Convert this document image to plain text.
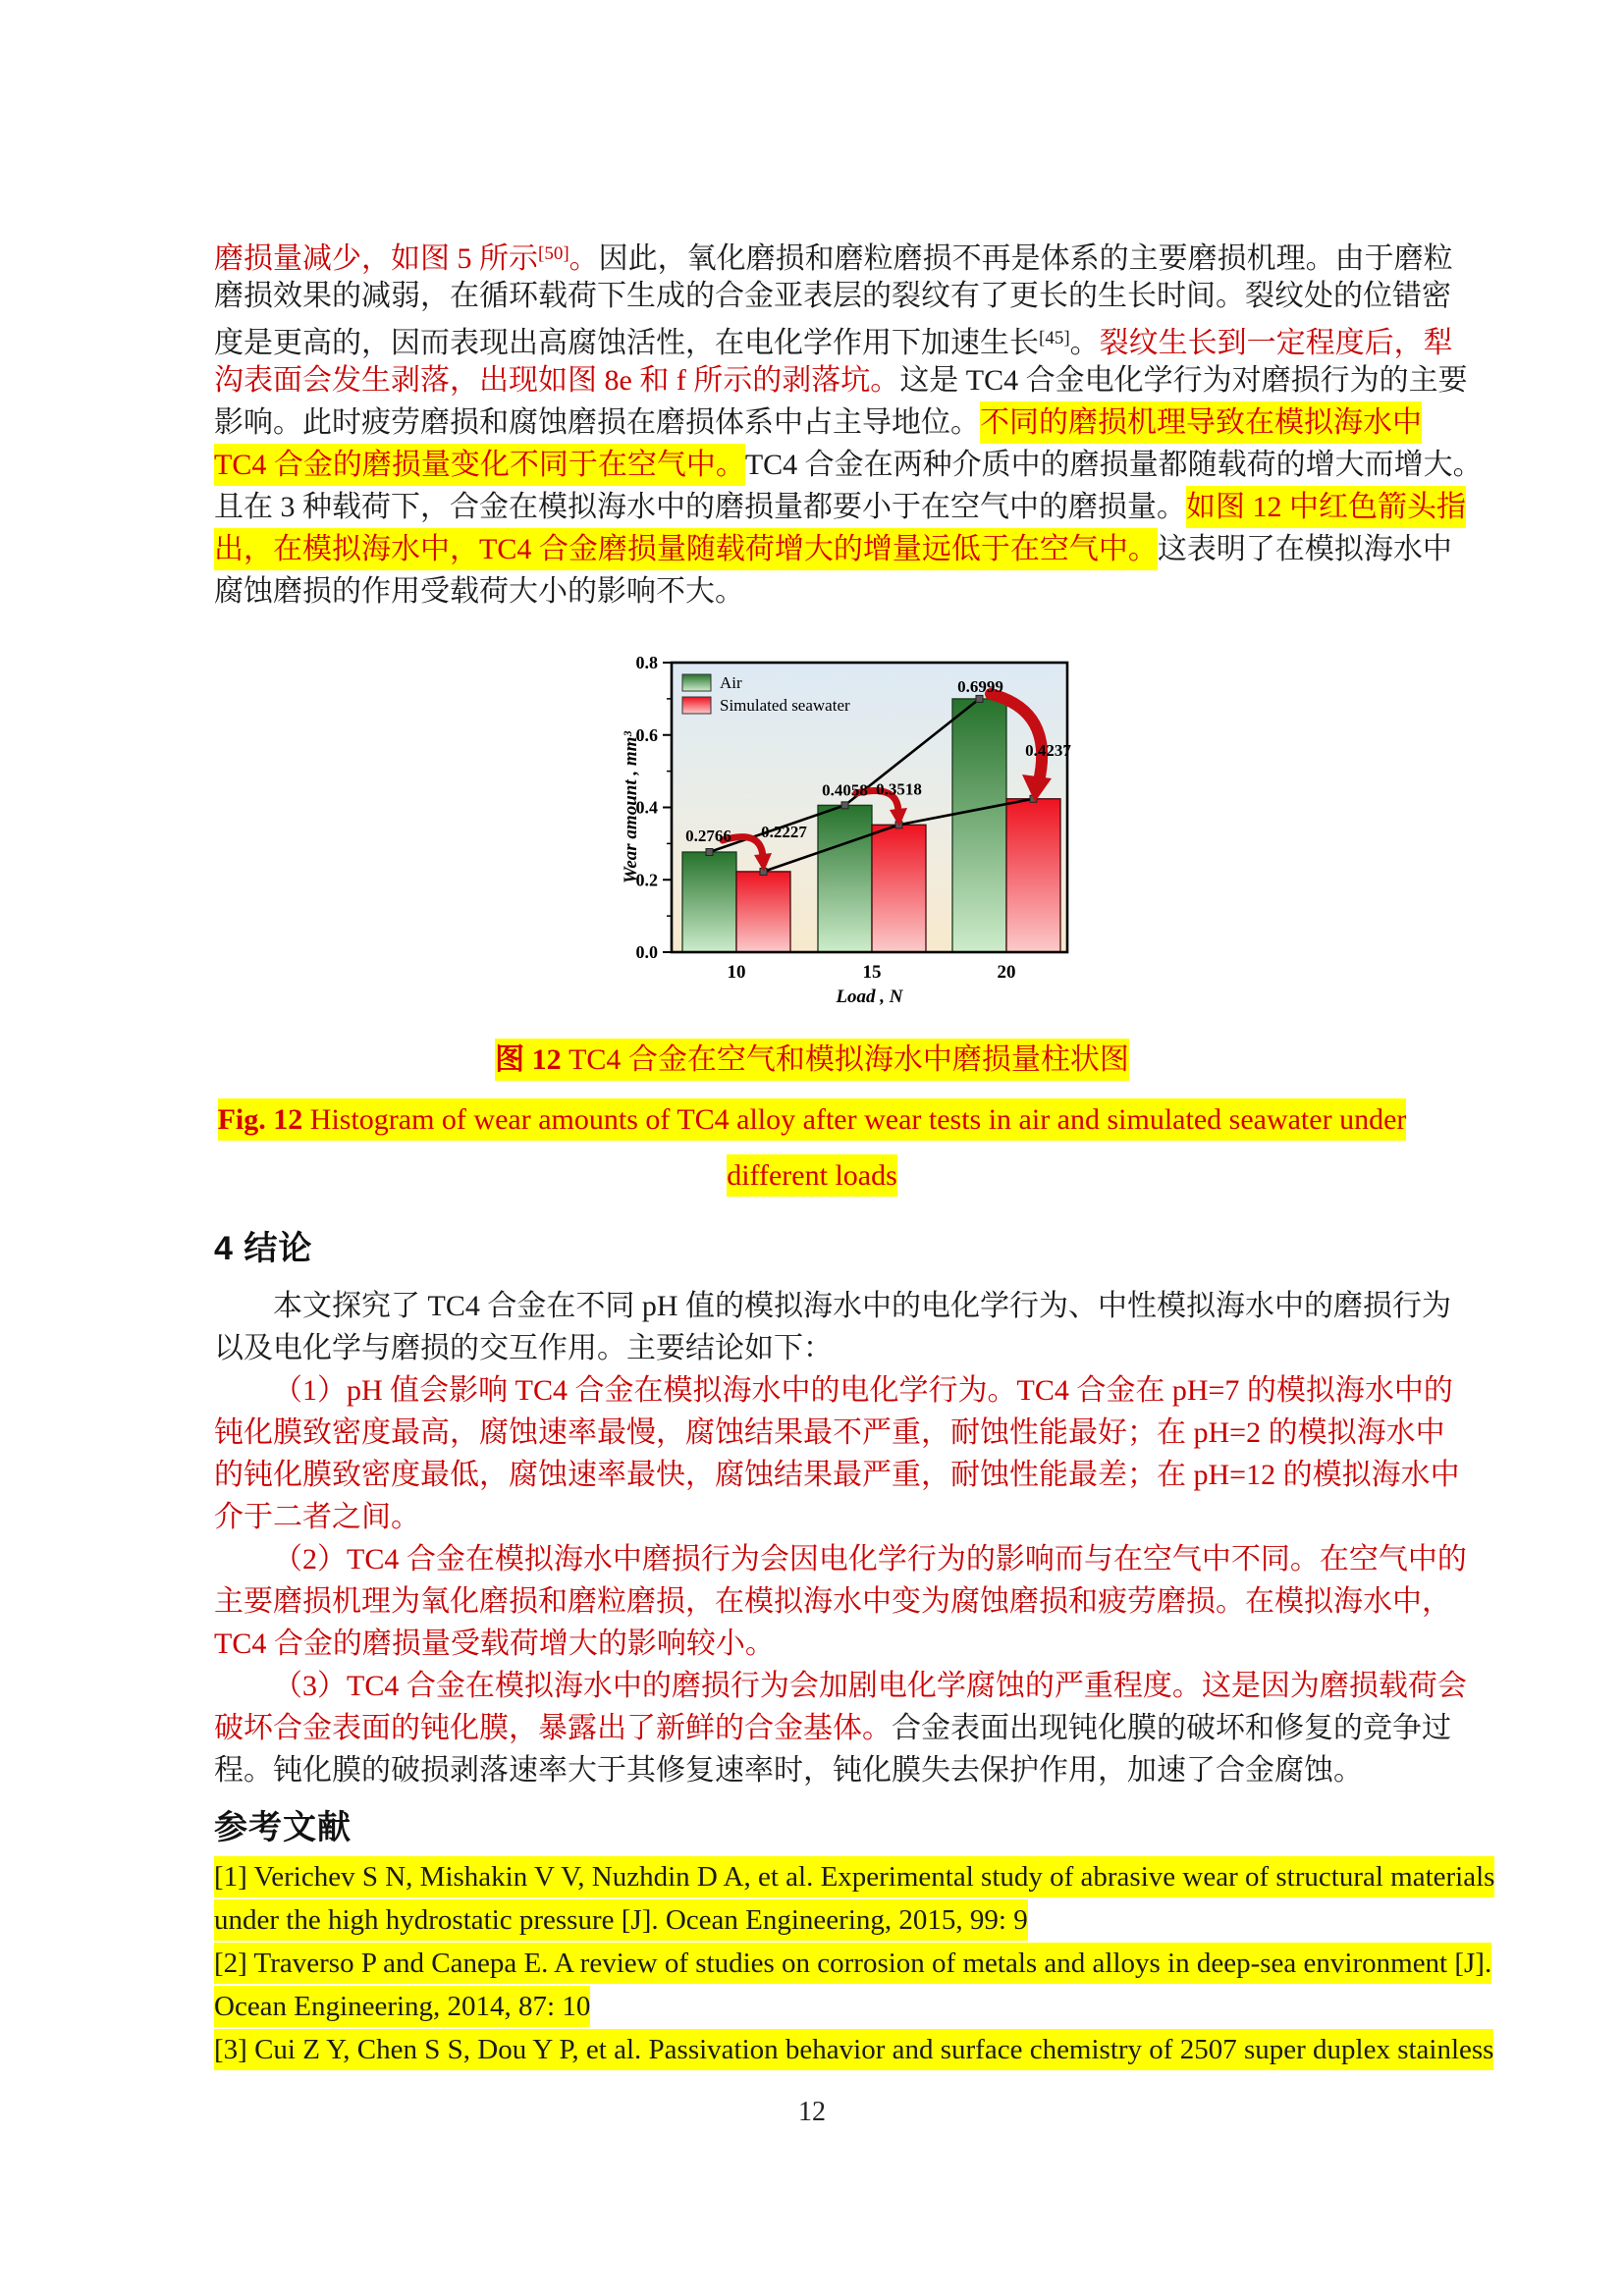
磨损量减少，如图 5 所示[50]。因此，氧化磨损和磨粒磨损不再是体系的主要磨损机理。由于磨粒
磨损效果的减弱，在循环载荷下生成的合金亚表层的裂纹有了更长的生长时间。裂纹处的位错密
度是更高的，因而表现出高腐蚀活性，在电化学作用下加速生长[45]。裂纹生长到一定程度后，犁
沟表面会发生剥落，出现如图 8e 和 f 所示的剥落坑。这是 TC4 合金电化学行为对磨损行为的主要
影响。此时疲劳磨损和腐蚀磨损在磨损体系中占主导地位。不同的磨损机理导致在模拟海水中
TC4 合金的磨损量变化不同于在空气中。TC4 合金在两种介质中的磨损量都随载荷的增大而增大。
且在 3 种载荷下，合金在模拟海水中的磨损量都要小于在空气中的磨损量。如图 12 中红色箭头指
出，在模拟海水中，TC4 合金磨损量随载荷增大的增量远低于在空气中。这表明了在模拟海水中
腐蚀磨损的作用受载荷大小的影响不大。
0.2766
0.4058
0.6999
0.2227
0.3518
0.4237
0.0
0.2
0.4
0.6
0.8
10	15	20
Load , N
Wear amount , mm³
Air
Simulated seawater
图 12 TC4 合金在空气和模拟海水中磨损量柱状图
Fig. 12 Histogram of wear amounts of TC4 alloy after wear tests in air and simulated seawater under
different loads
4 结论
本文探究了 TC4 合金在不同 pH 值的模拟海水中的电化学行为、中性模拟海水中的磨损行为
以及电化学与磨损的交互作用。主要结论如下：
（1）pH 值会影响 TC4 合金在模拟海水中的电化学行为。TC4 合金在 pH=7 的模拟海水中的
钝化膜致密度最高，腐蚀速率最慢，腐蚀结果最不严重，耐蚀性能最好；在 pH=2 的模拟海水中
的钝化膜致密度最低，腐蚀速率最快，腐蚀结果最严重，耐蚀性能最差；在 pH=12 的模拟海水中
介于二者之间。
（2）TC4 合金在模拟海水中磨损行为会因电化学行为的影响而与在空气中不同。在空气中的
主要磨损机理为氧化磨损和磨粒磨损，在模拟海水中变为腐蚀磨损和疲劳磨损。在模拟海水中，
TC4 合金的磨损量受载荷增大的影响较小。
（3）TC4 合金在模拟海水中的磨损行为会加剧电化学腐蚀的严重程度。这是因为磨损载荷会
破坏合金表面的钝化膜，暴露出了新鲜的合金基体。合金表面出现钝化膜的破坏和修复的竞争过
程。钝化膜的破损剥落速率大于其修复速率时，钝化膜失去保护作用，加速了合金腐蚀。
参考文献
[1] Verichev S N, Mishakin V V, Nuzhdin D A, et al. Experimental study of abrasive wear of structural materials
under the high hydrostatic pressure [J]. Ocean Engineering, 2015, 99: 9
[2] Traverso P and Canepa E. A review of studies on corrosion of metals and alloys in deep-sea environment [J].
Ocean Engineering, 2014, 87: 10
[3] Cui Z Y, Chen S S, Dou Y P, et al. Passivation behavior and surface chemistry of 2507 super duplex stainless
12
